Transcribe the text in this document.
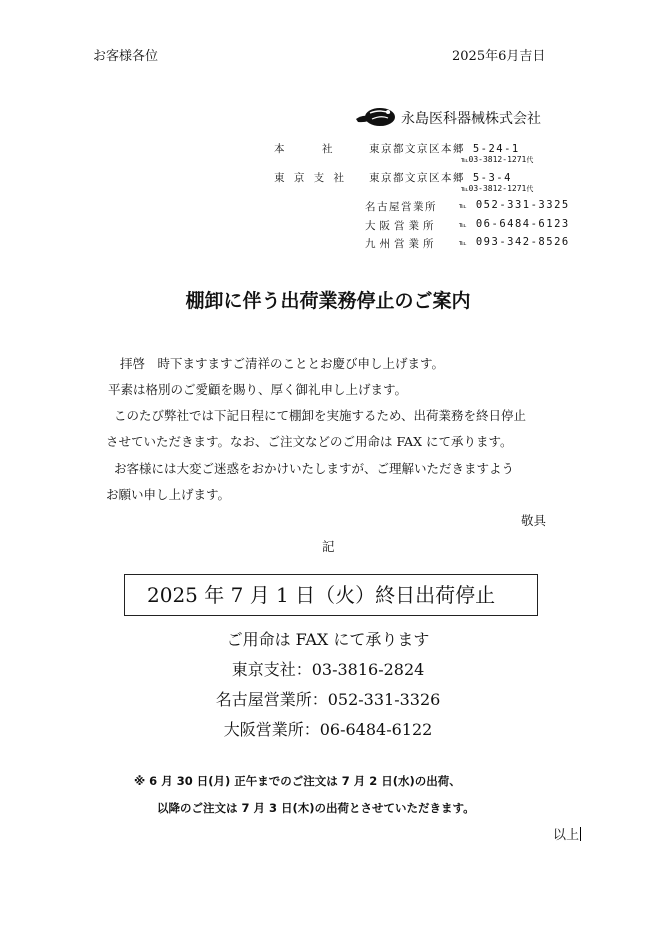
お客様各位	2025年6月吉日
永島医科器械株式会社
本　　　社	東京都文京区本郷 5-24-1
℡03-3812-1271代
東 京 支 社 東京都文京区本郷 5-3-4
℡03-3812-1271代
名古屋営業所	℡ 052-331-3325
大阪営業所	℡ 06-6484-6123
九州営業所	℡ 093-342-8526
棚卸に伴う出荷業務停止のご案内
拝啓　時下ますますご清祥のこととお慶び申し上げます。
平素は格別のご愛顧を賜り、厚く御礼申し上げます。
このたび弊社では下記日程にて棚卸を実施するため、出荷業務を終日停止
させていただきます。なお、ご注文などのご用命は FAX にて承ります。
お客様には大変ご迷惑をおかけいたしますが、ご理解いただきますよう
お願い申し上げます。
敬具
記
2025 年 7 月 1 日（火）終日出荷停止
ご用命は FAX にて承ります
東京支社：03-3816-2824
名古屋営業所：052-331-3326
大阪営業所：06-6484-6122
※ 6 月 30 日(月) 正午までのご注文は 7 月 2 日(水)の出荷、
以降のご注文は 7 月 3 日(木)の出荷とさせていただきます。
以上
